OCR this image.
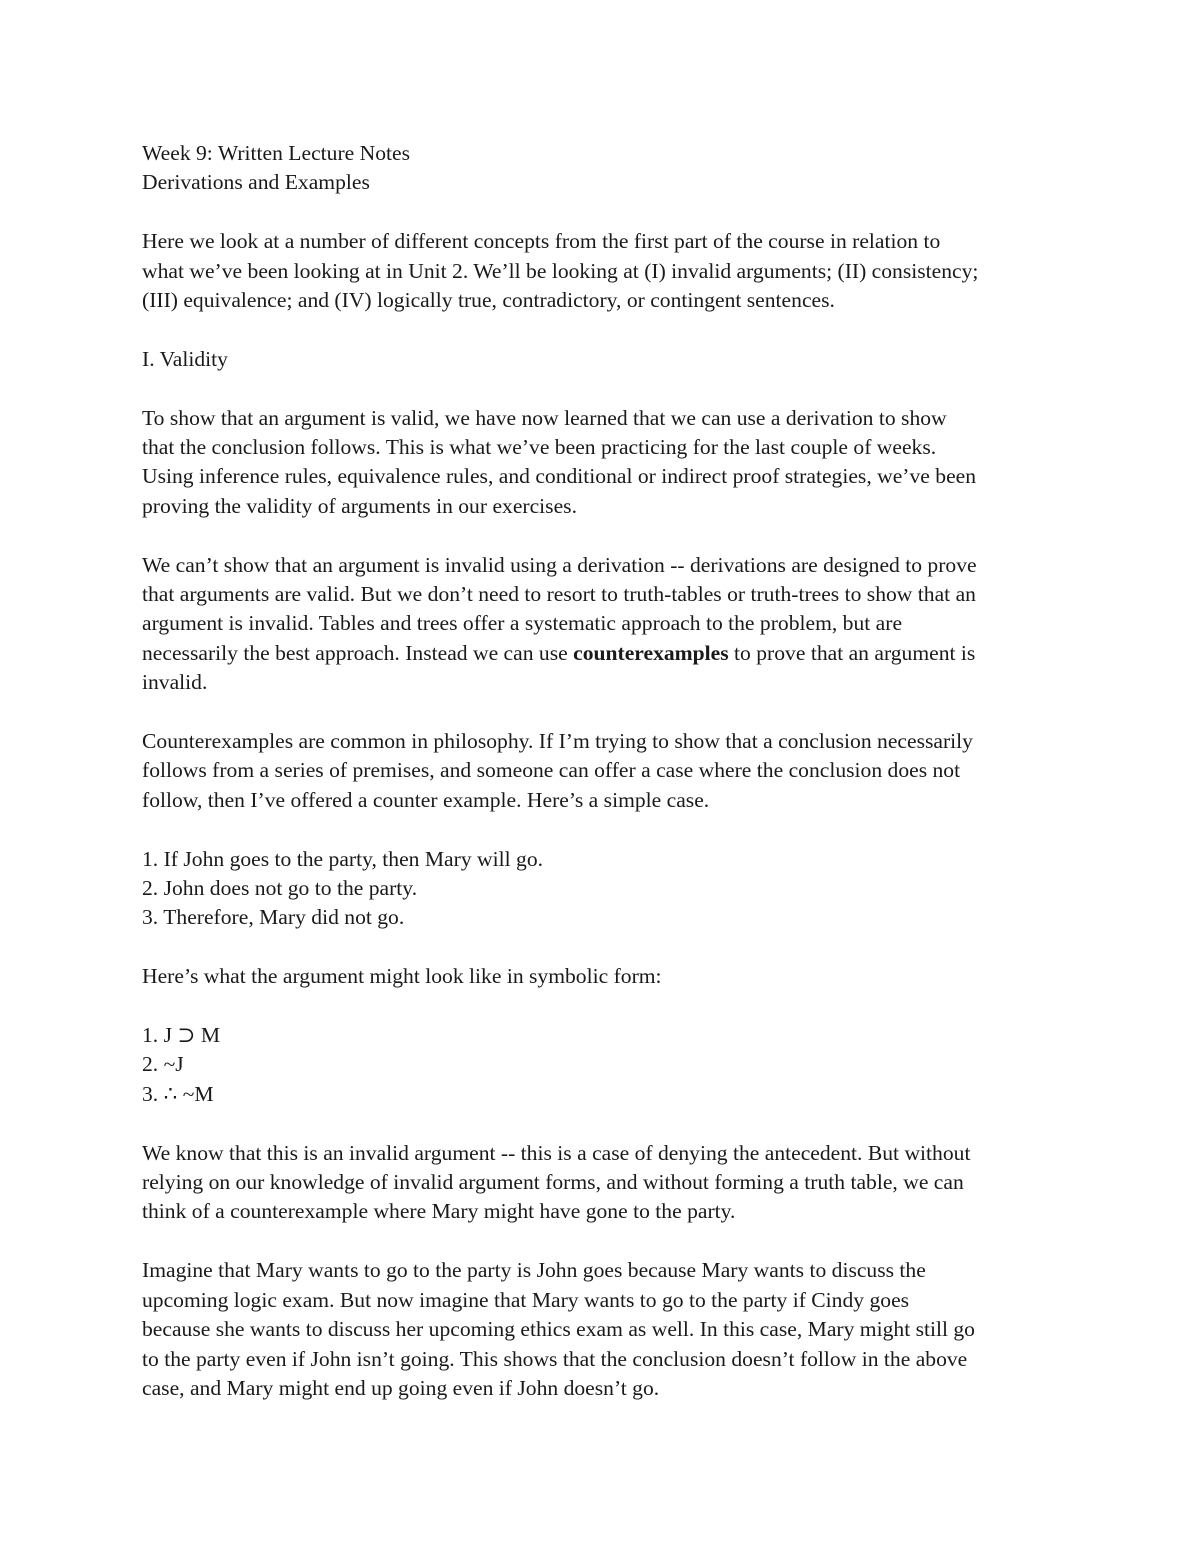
Week 9: Written Lecture Notes
Derivations and Examples

Here we look at a number of different concepts from the first part of the course in relation to
what we’ve been looking at in Unit 2. We’ll be looking at (I) invalid arguments; (II) consistency;
(III) equivalence; and (IV) logically true, contradictory, or contingent sentences.

I. Validity

To show that an argument is valid, we have now learned that we can use a derivation to show
that the conclusion follows. This is what we’ve been practicing for the last couple of weeks.
Using inference rules, equivalence rules, and conditional or indirect proof strategies, we’ve been
proving the validity of arguments in our exercises.

We can’t show that an argument is invalid using a derivation -- derivations are designed to prove
that arguments are valid. But we don’t need to resort to truth-tables or truth-trees to show that an
argument is invalid. Tables and trees offer a systematic approach to the problem, but are
necessarily the best approach. Instead we can use counterexamples to prove that an argument is
invalid.

Counterexamples are common in philosophy. If I’m trying to show that a conclusion necessarily
follows from a series of premises, and someone can offer a case where the conclusion does not
follow, then I’ve offered a counter example. Here’s a simple case.

1. If John goes to the party, then Mary will go.
2. John does not go to the party.
3. Therefore, Mary did not go.
Here’s what the argument might look like in symbolic form:
1. J ⊃ M
2. ~J
3. ∴ ~M

We know that this is an invalid argument -- this is a case of denying the antecedent. But without
relying on our knowledge of invalid argument forms, and without forming a truth table, we can
think of a counterexample where Mary might have gone to the party.

Imagine that Mary wants to go to the party is John goes because Mary wants to discuss the
upcoming logic exam. But now imagine that Mary wants to go to the party if Cindy goes
because she wants to discuss her upcoming ethics exam as well. In this case, Mary might still go
to the party even if John isn’t going. This shows that the conclusion doesn’t follow in the above
case, and Mary might end up going even if John doesn’t go.
